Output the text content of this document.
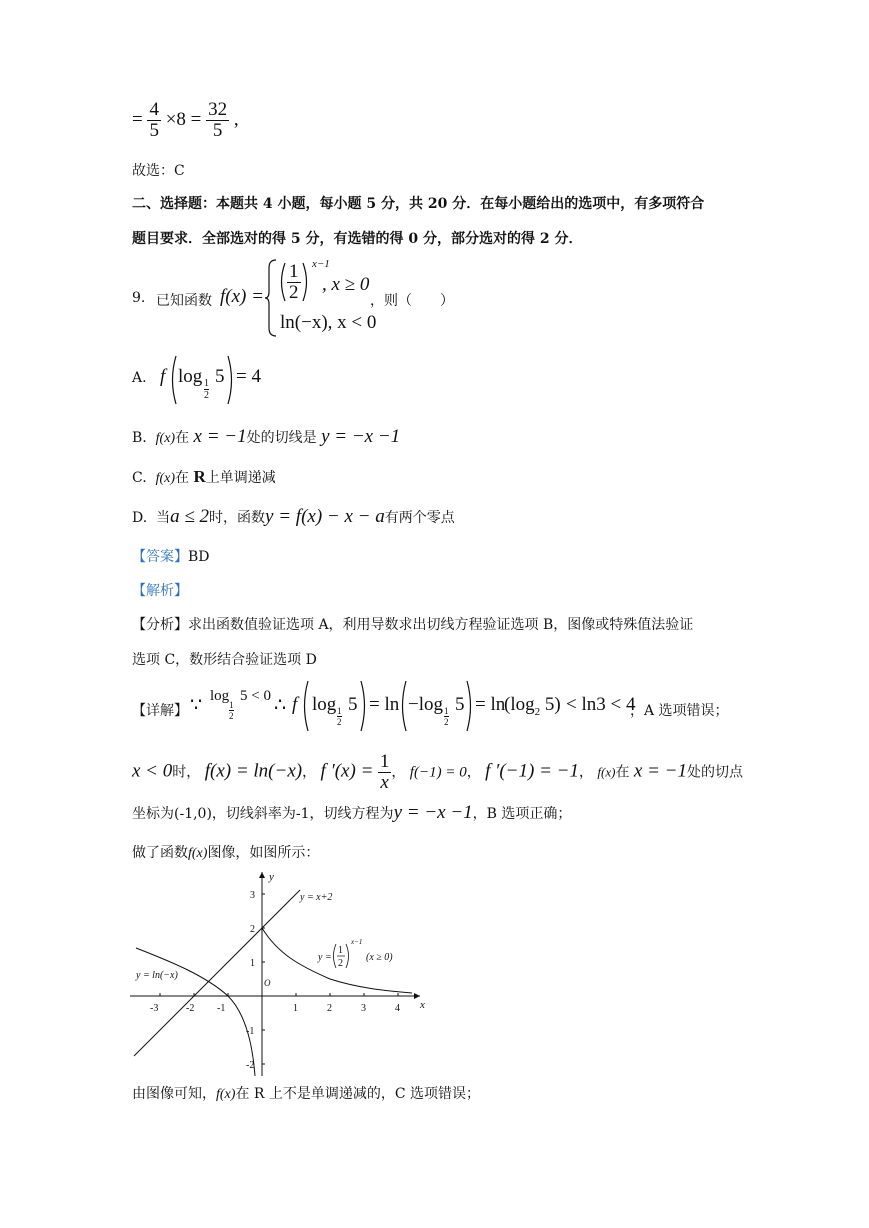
= $\frac{4}{5} \times 8 = \frac{32}{5}$ ,
故选：C
二、选择题：本题共 4 小题，每小题 5 分，共 20 分．在每小题给出的选项中，有多项符合
题目要求．全部选对的得 5 分，有选错的得 0 分，部分选对的得 2 分．
9. 已知函数 $f(x) = \frac{1}{2} x-1$
, x ≥ 0
ln(−x), x < 0
，则（　　）
A. f log
$\frac{1}{2}$
5 = 4
B. f(x)在 x = −1处的切线是 y = −x −1
C. f(x)在 R上单调递减
D. 当a ≤ 2时，函数y = f(x) − x − a有两个零点
【答案】BD
【解析】
【分析】求出函数值验证选项 A，利用导数求出切线方程验证选项 B，图像或特殊值法验证
选项 C，数形结合验证选项 D
【详解】 ∵ log
1
2
5 < 0 ∴ f log 1
2
5 = ln −log 1
2
5 = ln
($\log_2$ 5) < ln3 < 4
，A 选项错误；
x < 0时， f(x) = ln(−x)， f $'(x) = \frac{1}{x}$ ， f(−1) = 0， f ′(−1) = −1， f(x)在 x = −1处的切点
坐标为(-1,0)，切线斜率为-1，切线方程为y = −x −1，B 选项正确；
做了函数f(x)图像，如图所示：
-3	-2 -1	1	2	3	4
3
2
1
-1
-2
O
x
y
y = x+2
y =
1
2
x−1
(x ≥ 0)
y = ln(−x)
由图像可知，f(x)在 R 上不是单调递减的，C 选项错误；
